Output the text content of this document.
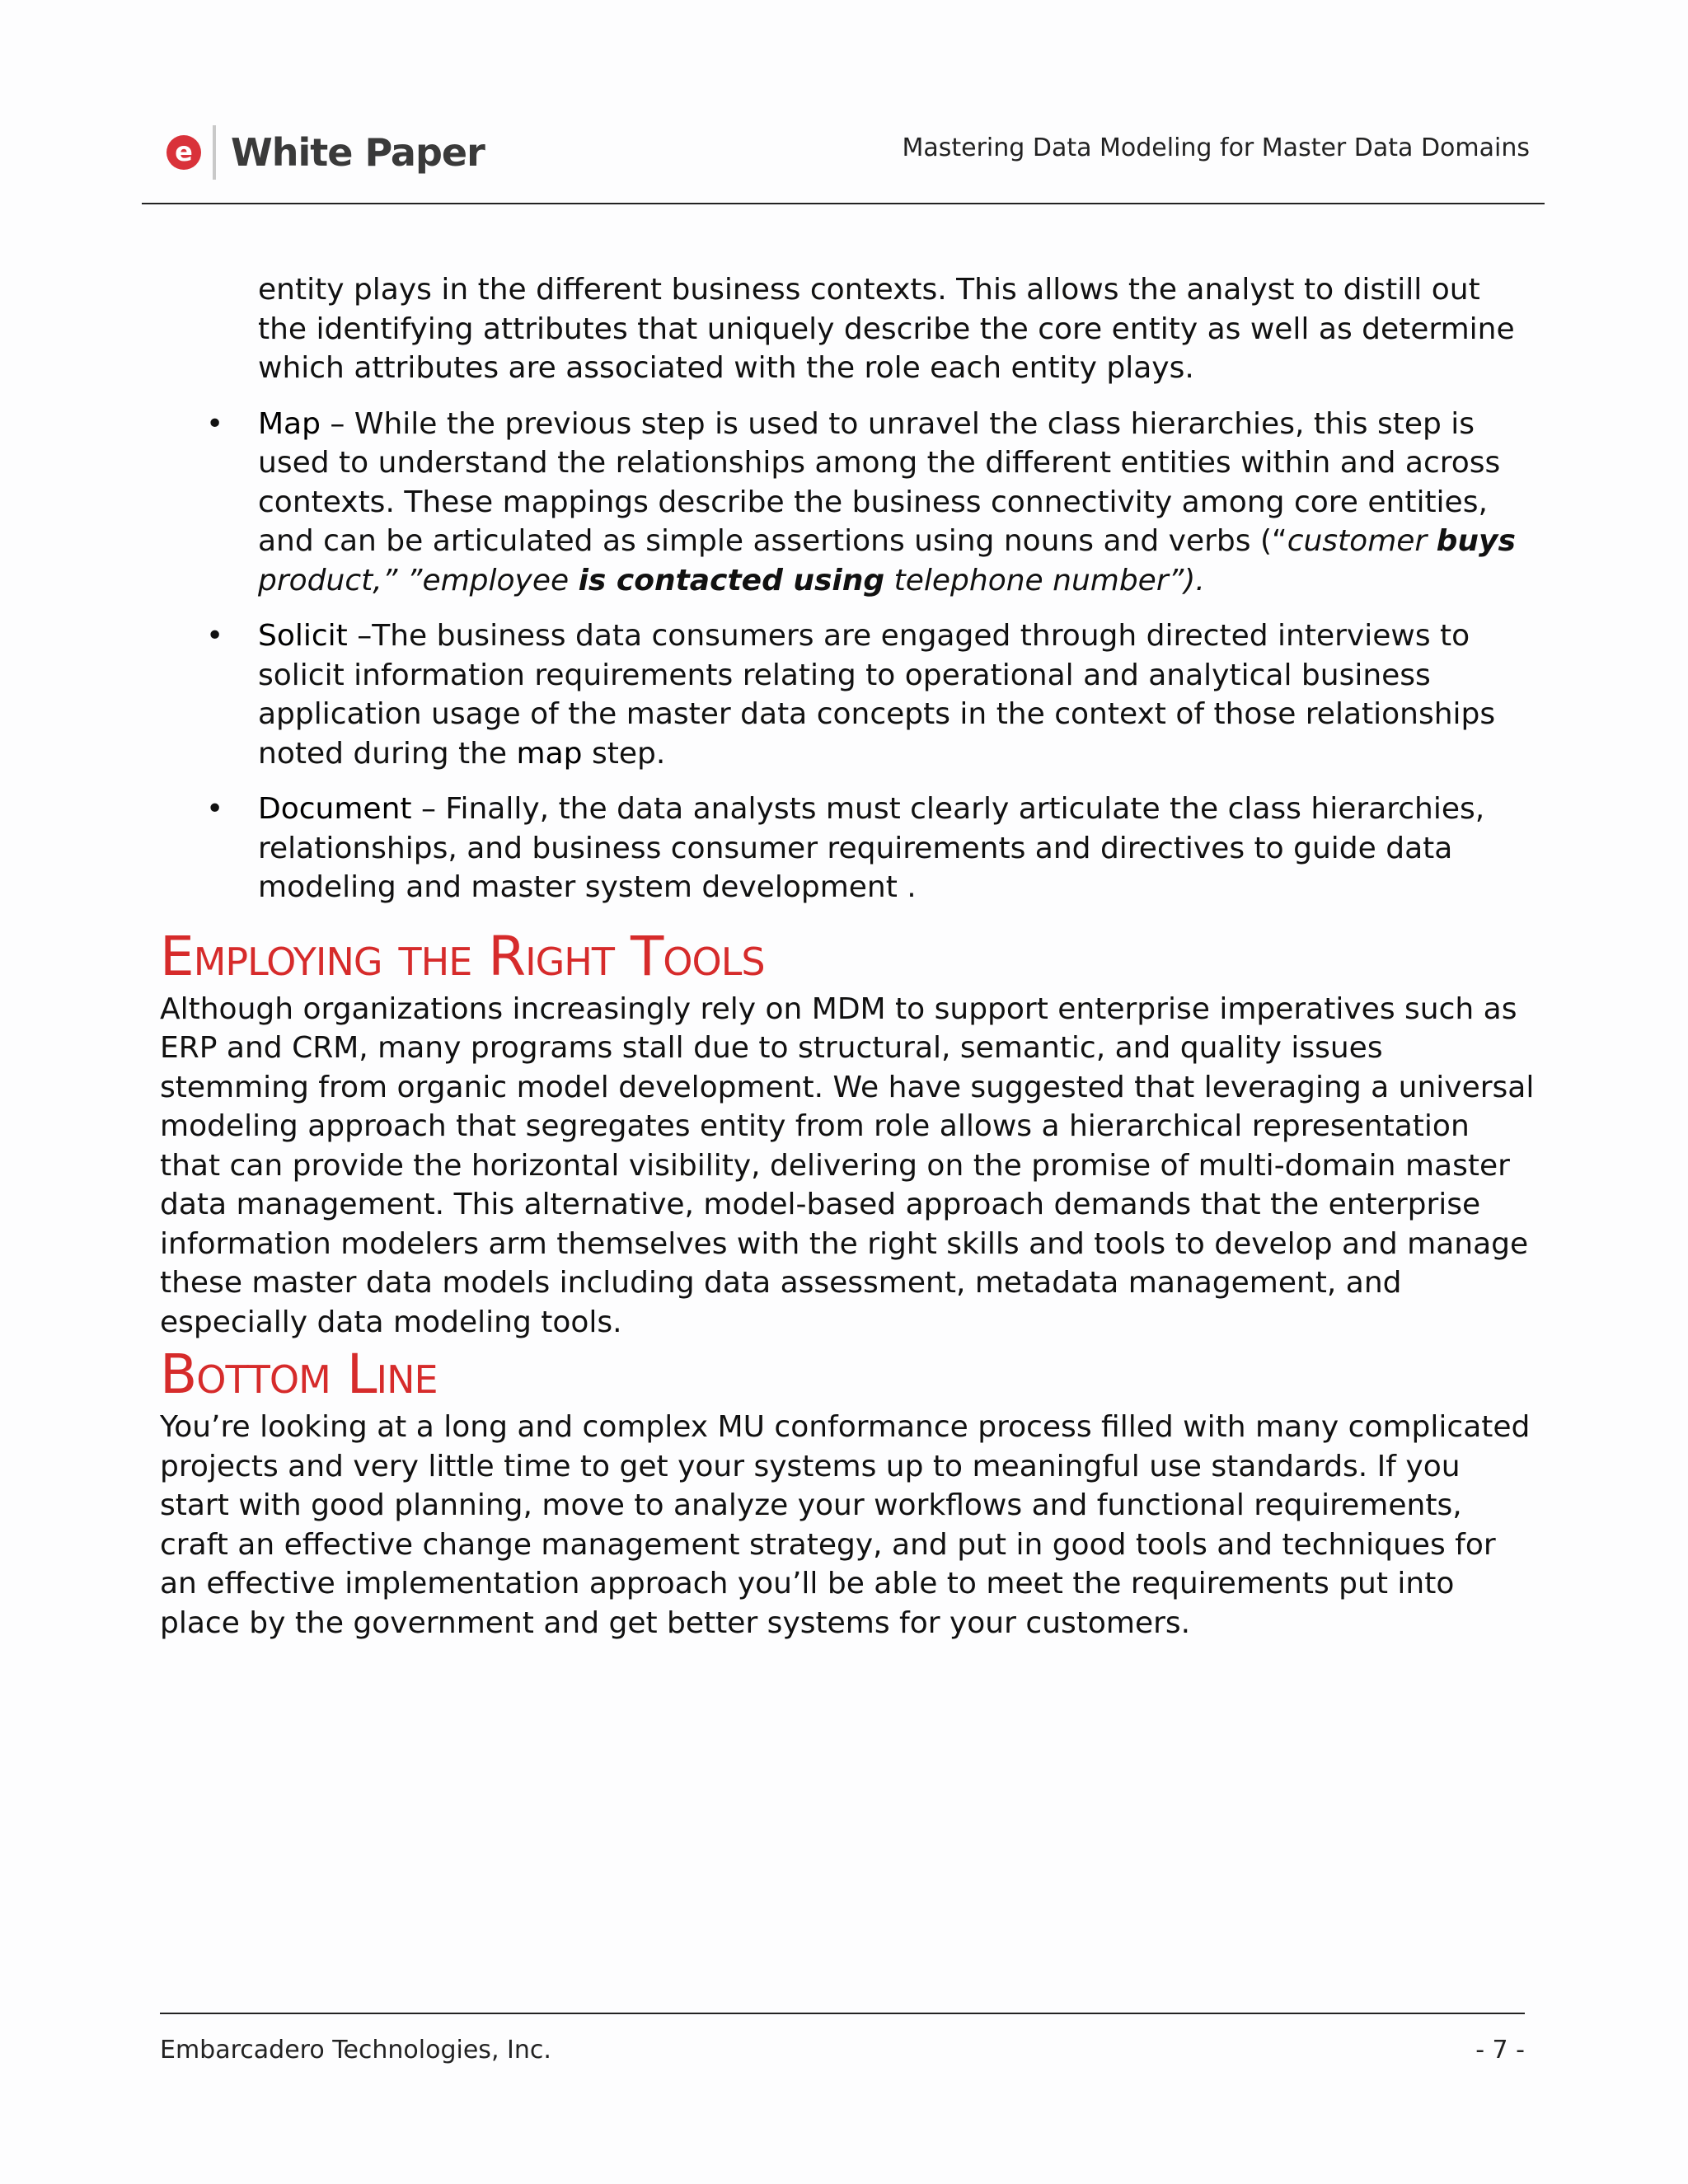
e White Paper	Mastering Data Modeling for Master Data Domains

entity plays in the different business contexts. This allows the analyst to distill out the identifying attributes that uniquely describe the core entity as well as determine which attributes are associated with the role each entity plays.

• Map – While the previous step is used to unravel the class hierarchies, this step is used to understand the relationships among the different entities within and across contexts. These mappings describe the business connectivity among core entities, and can be articulated as simple assertions using nouns and verbs (“customer buys product,” ”employee is contacted using telephone number”).
• Solicit –The business data consumers are engaged through directed interviews to solicit information requirements relating to operational and analytical business application usage of the master data concepts in the context of those relationships noted during the map step.
• Document – Finally, the data analysts must clearly articulate the class hierarchies, relationships, and business consumer requirements and directives to guide data modeling and master system development .
Employing the Right Tools

Although organizations increasingly rely on MDM to support enterprise imperatives such as ERP and CRM, many programs stall due to structural, semantic, and quality issues stemming from organic model development. We have suggested that leveraging a universal modeling approach that segregates entity from role allows a hierarchical representation that can provide the horizontal visibility, delivering on the promise of multi-domain master data management. This alternative, model-based approach demands that the enterprise information modelers arm themselves with the right skills and tools to develop and manage these master data models including data assessment, metadata management, and especially data modeling tools.

Bottom Line

You’re looking at a long and complex MU conformance process filled with many complicated projects and very little time to get your systems up to meaningful use standards. If you start with good planning, move to analyze your workflows and functional requirements, craft an effective change management strategy, and put in good tools and techniques for an effective implementation approach you’ll be able to meet the requirements put into place by the government and get better systems for your customers.

Embarcadero Technologies, Inc.	- 7 -
